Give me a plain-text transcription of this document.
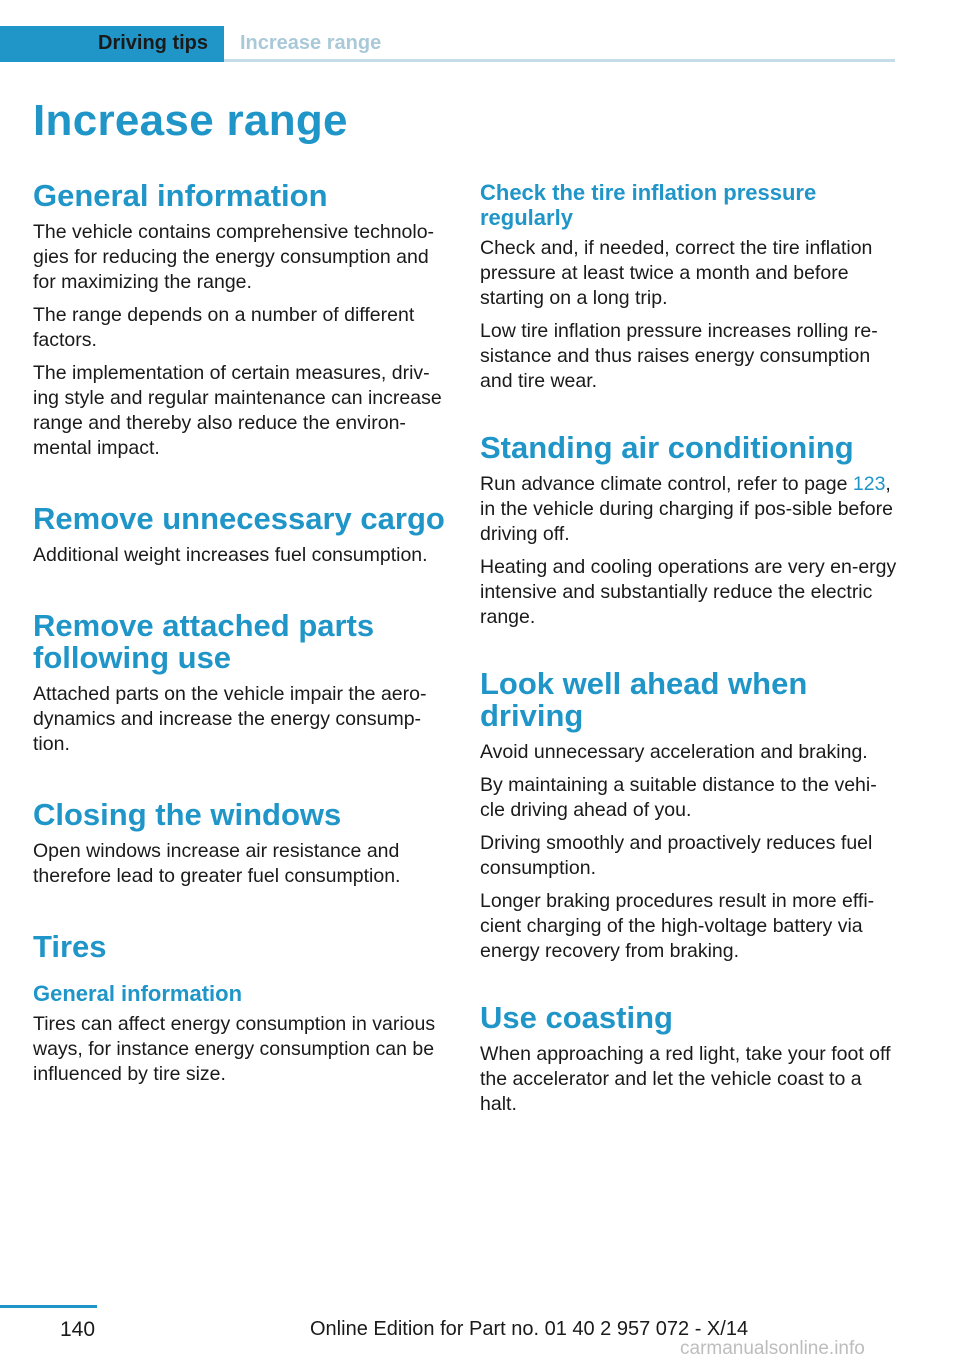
Driving tips	Increase range
Increase range
General information

The vehicle contains comprehensive technolo‐gies for reducing the energy consumption and for maximizing the range.

The range depends on a number of different factors.

The implementation of certain measures, driv‐ing style and regular maintenance can increase range and thereby also reduce the environ‐mental impact.

Remove unnecessary cargo

Additional weight increases fuel consumption.

Remove attached parts following use

Attached parts on the vehicle impair the aero‐dynamics and increase the energy consump‐tion.

Closing the windows

Open windows increase air resistance and therefore lead to greater fuel consumption.

Tires
General information

Tires can affect energy consumption in various ways, for instance energy consumption can be influenced by tire size.

Check the tire inflation pressure regularly

Check and, if needed, correct the tire inflation pressure at least twice a month and before starting on a long trip.

Low tire inflation pressure increases rolling re‐sistance and thus raises energy consumption and tire wear.

Standing air conditioning

Run advance climate control, refer to page 123, in the vehicle during charging if pos‐sible before driving off.

Heating and cooling operations are very en‐ergy intensive and substantially reduce the electric range.

Look well ahead when driving

Avoid unnecessary acceleration and braking.

By maintaining a suitable distance to the vehi‐cle driving ahead of you.

Driving smoothly and proactively reduces fuel consumption.

Longer braking procedures result in more effi‐cient charging of the high-voltage battery via energy recovery from braking.

Use coasting

When approaching a red light, take your foot off the accelerator and let the vehicle coast to a halt.

140	Online Edition for Part no. 01 40 2 957 072 - X/14
carmanualsonline.info
